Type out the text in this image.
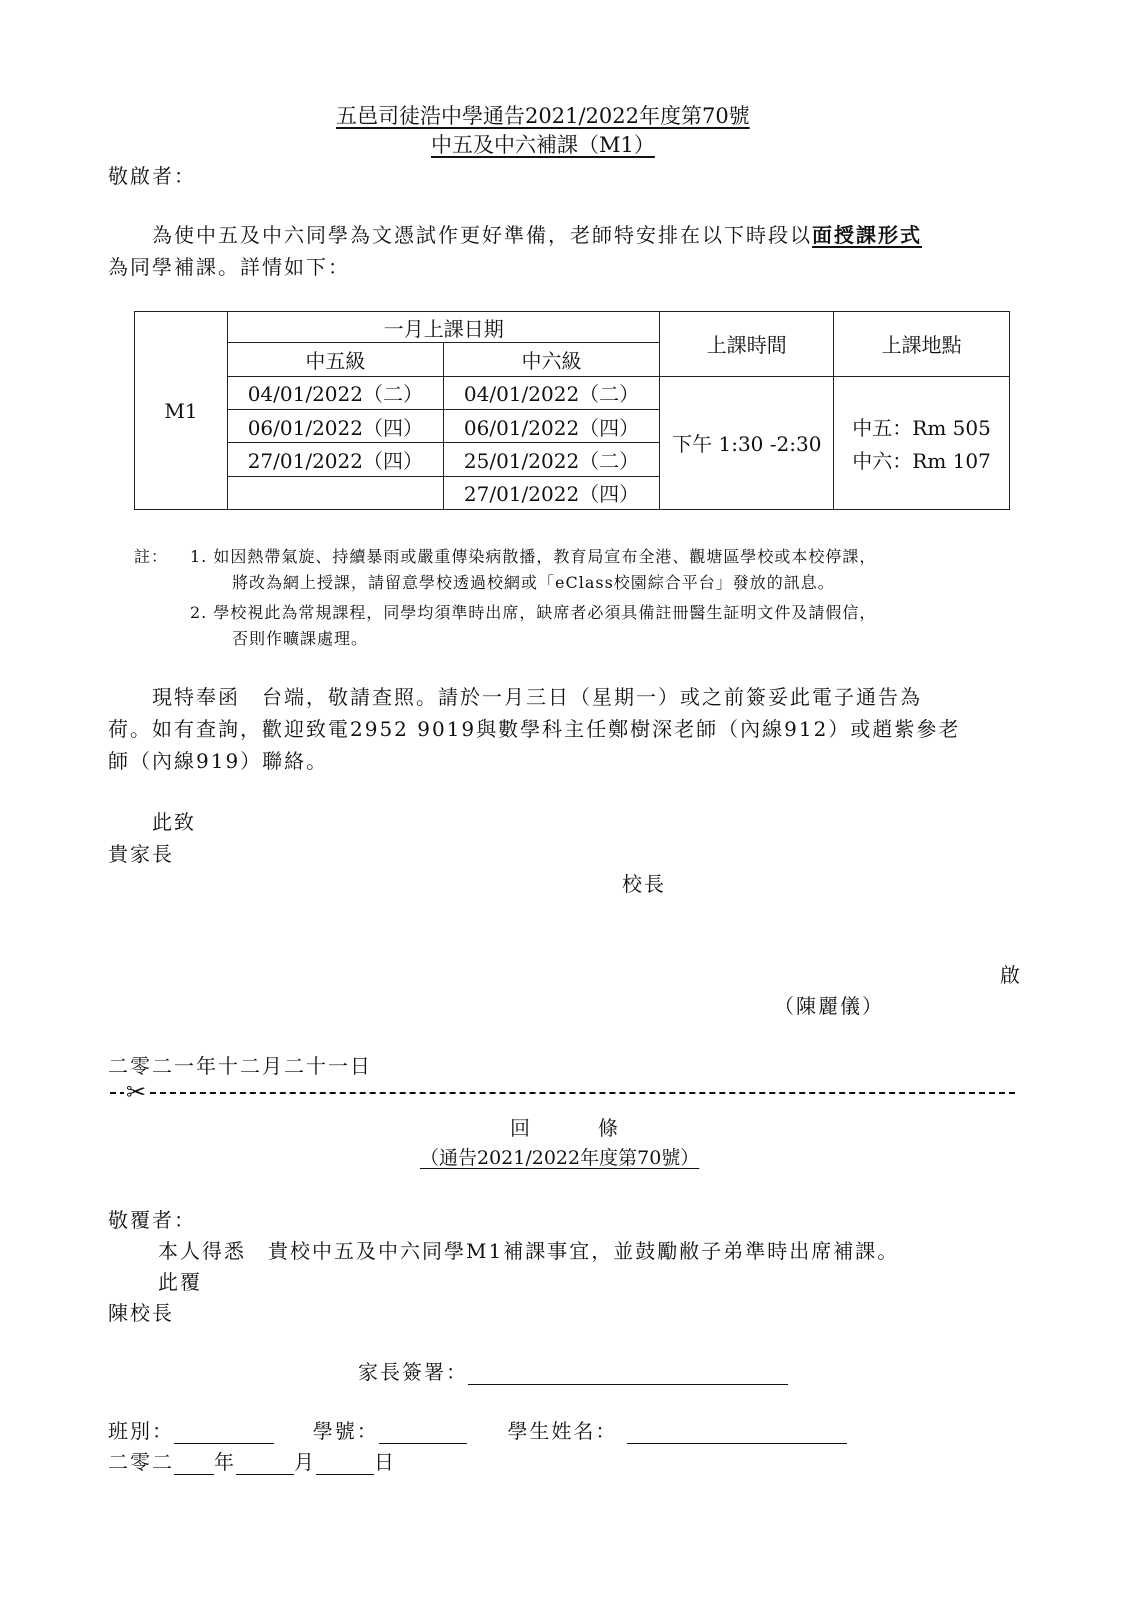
五邑司徒浩中學通告2021/2022年度第70號
中五及中六補課（M1）
敬啟者：
為使中五及中六同學為文憑試作更好準備，老師特安排在以下時段以面授課形式
為同學補課。詳情如下：
M1	一月上課日期		上課時間	上課地點
	中五級	中六級		
	04/01/2022（二）	04/01/2022（二）	下午 1:30 -2:30	中五：Rm 505
中六：Rm 107

	06/01/2022（四）	06/01/2022（四）		
	27/01/2022（四）	25/01/2022（二）		
		27/01/2022（四）		
註： 1. 如因熱帶氣旋、持續暴雨或嚴重傳染病散播，教育局宣布全港、觀塘區學校或本校停課，
將改為網上授課，請留意學校透過校網或「eClass校園綜合平台」發放的訊息。
2. 學校視此為常規課程，同學均須準時出席，缺席者必須具備註冊醫生証明文件及請假信，
否則作曠課處理。
現特奉函　台端，敬請查照。請於一月三日（星期一）或之前簽妥此電子通告為
荷。如有查詢，歡迎致電2952 9019與數學科主任鄭樹深老師（內線912）或趙紫參老
師（內線919）聯絡。
此致
貴家長
校長
啟
（陳麗儀）
二零二一年十二月二十一日
✂
回　　　條
（通告2021/2022年度第70號）
敬覆者：
本人得悉　貴校中五及中六同學M1補課事宜，並鼓勵敝子弟準時出席補課。
此覆
陳校長
家長簽署：
班別：	學號：	學生姓名：
二零二 年	月	日
